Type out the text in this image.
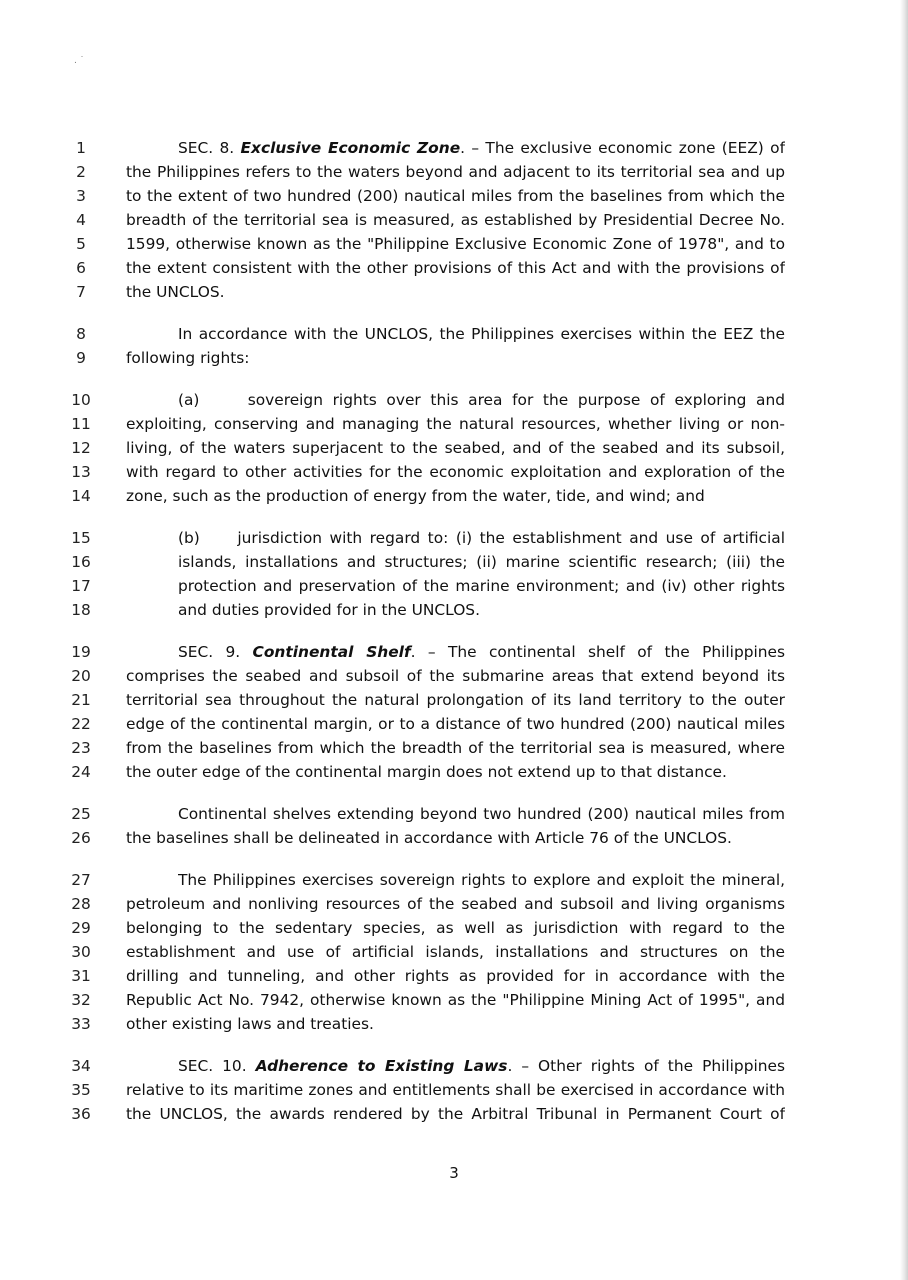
. ˙
1	SEC. 8. Exclusive Economic Zone. – The exclusive economic zone (EEZ) of
2	the Philippines refers to the waters beyond and adjacent to its territorial sea and up
3	to the extent of two hundred (200) nautical miles from the baselines from which the
4	breadth of the territorial sea is measured, as established by Presidential Decree No.
5	1599, otherwise known as the "Philippine Exclusive Economic Zone of 1978", and to
6	the extent consistent with the other provisions of this Act and with the provisions of
7	the UNCLOS.
8	In accordance with the UNCLOS, the Philippines exercises within the EEZ the
9	following rights:
10	(a)     sovereign rights over this area for the purpose of exploring and
11	exploiting, conserving and managing the natural resources, whether living or non-
12	living, of the waters superjacent to the seabed, and of the seabed and its subsoil,
13	with regard to other activities for the economic exploitation and exploration of the
14	zone, such as the production of energy from the water, tide, and wind; and
15	(b)     jurisdiction with regard to: (i) the establishment and use of artificial
16	islands, installations and structures; (ii) marine scientific research; (iii) the
17	protection and preservation of the marine environment; and (iv) other rights
18	and duties provided for in the UNCLOS.
19	SEC. 9. Continental Shelf. – The continental shelf of the Philippines
20	comprises the seabed and subsoil of the submarine areas that extend beyond its
21	territorial sea throughout the natural prolongation of its land territory to the outer
22	edge of the continental margin, or to a distance of two hundred (200) nautical miles
23	from the baselines from which the breadth of the territorial sea is measured, where
24	the outer edge of the continental margin does not extend up to that distance.
25	Continental shelves extending beyond two hundred (200) nautical miles from
26	the baselines shall be delineated in accordance with Article 76 of the UNCLOS.
27	The Philippines exercises sovereign rights to explore and exploit the mineral,
28	petroleum and nonliving resources of the seabed and subsoil and living organisms
29	belonging to the sedentary species, as well as jurisdiction with regard to the
30	establishment and use of artificial islands, installations and structures on the
31	drilling and tunneling, and other rights as provided for in accordance with the
32	Republic Act No. 7942, otherwise known as the "Philippine Mining Act of 1995", and
33	other existing laws and treaties.
34	SEC. 10. Adherence to Existing Laws. – Other rights of the Philippines
35	relative to its maritime zones and entitlements shall be exercised in accordance with
36	the UNCLOS, the awards rendered by the Arbitral Tribunal in Permanent Court of
3
